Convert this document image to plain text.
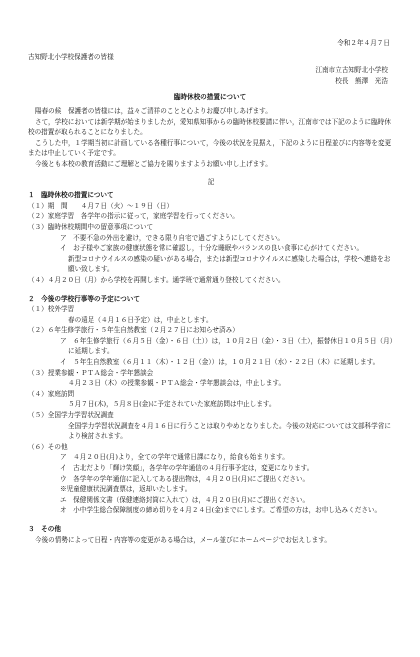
令和２年４月７日
古知野北小学校保護者の皆様
江南市立古知野北小学校
校長　熊澤　光浩
臨時休校の措置について

陽春の候　保護者の皆様には，益々ご清祥のことと心よりお慶び申しあげます。

さて，学校においては新学期が始まりましたが，愛知県知事からの臨時休校要請に伴い，江南市では下記のように臨時休校の措置が取られることになりました。

こうした中，１学期当初に計画している各種行事について，今後の状況を見据え，下記のように日程並びに内容等を変更または中止していく予定です。

今後とも本校の教育活動にご理解とご協力を賜りますようお願い申し上げます。

記

１　臨時休校の措置について

（１）期　間　　４月７日（火）～１９日（日）

（２）家庭学習　各学年の指示に従って，家庭学習を行ってください。

（３）臨時休校期間中の留意事項について

ア　不要不急の外出を避け，できる限り自宅で過ごすようにしてください。

イ　お子様やご家族の健康状態を常に確認し，十分な睡眠やバランスの良い食事に心がけてください。

新型コロナウイルスの感染の疑いがある場合，または新型コロナウイルスに感染した場合は，学校へ連絡をお願い致します。

（４）４月２０日（月）から学校を再開します。通学班で通常通り登校してください。

２　今後の学校行事等の予定について

（１）校外学習

春の遠足（４月１６日予定）は，中止とします。

（２）６年生修学旅行・５年生自然教室（２月２７日にお知らせ済み）

ア　６年生修学旅行（６月５日（金）・６日（土））は，１０月２日（金）・３日（土），振替休日１０月５日（月）に延期します。

イ　５年生自然教室（６月１１（木）・１２日（金））は，１０月２１日（水）・２２日（木）に延期します。

（３）授業参観・ＰＴＡ総会・学年懇談会

４月２３日（木）の授業参観・ＰＴＡ総会・学年懇談会は，中止します。

（４）家庭訪問

５月７日(木)，５月８日(金)に予定されていた家庭訪問は中止します。

（５）全国学力学習状況調査

全国学力学習状況調査を４月１６日に行うことは取りやめとなりました。今後の対応については文部科学省により検討されます。

（６）その他

ア　４月２０日(月)より，全ての学年で通常日課になり，給食も始まります。

イ　古北だより「輝け笑顔」，各学年の学年通信の４月行事予定は，変更になります。

ウ　各学年の学年通信に記入してある提出物は，４月２０日(月)にご提出ください。

※児童健康状況調査票は，返却いたします。

エ　保健関係文書（保健連絡封筒に入れて）は，４月２０日(月)にご提出ください。

オ　小中学生総合保障制度の締め切りを４月２４日(金)までにします。ご希望の方は，お申し込みください。

３　その他

今後の情勢によって日程・内容等の変更がある場合は，メール並びにホームページでお伝えします。
